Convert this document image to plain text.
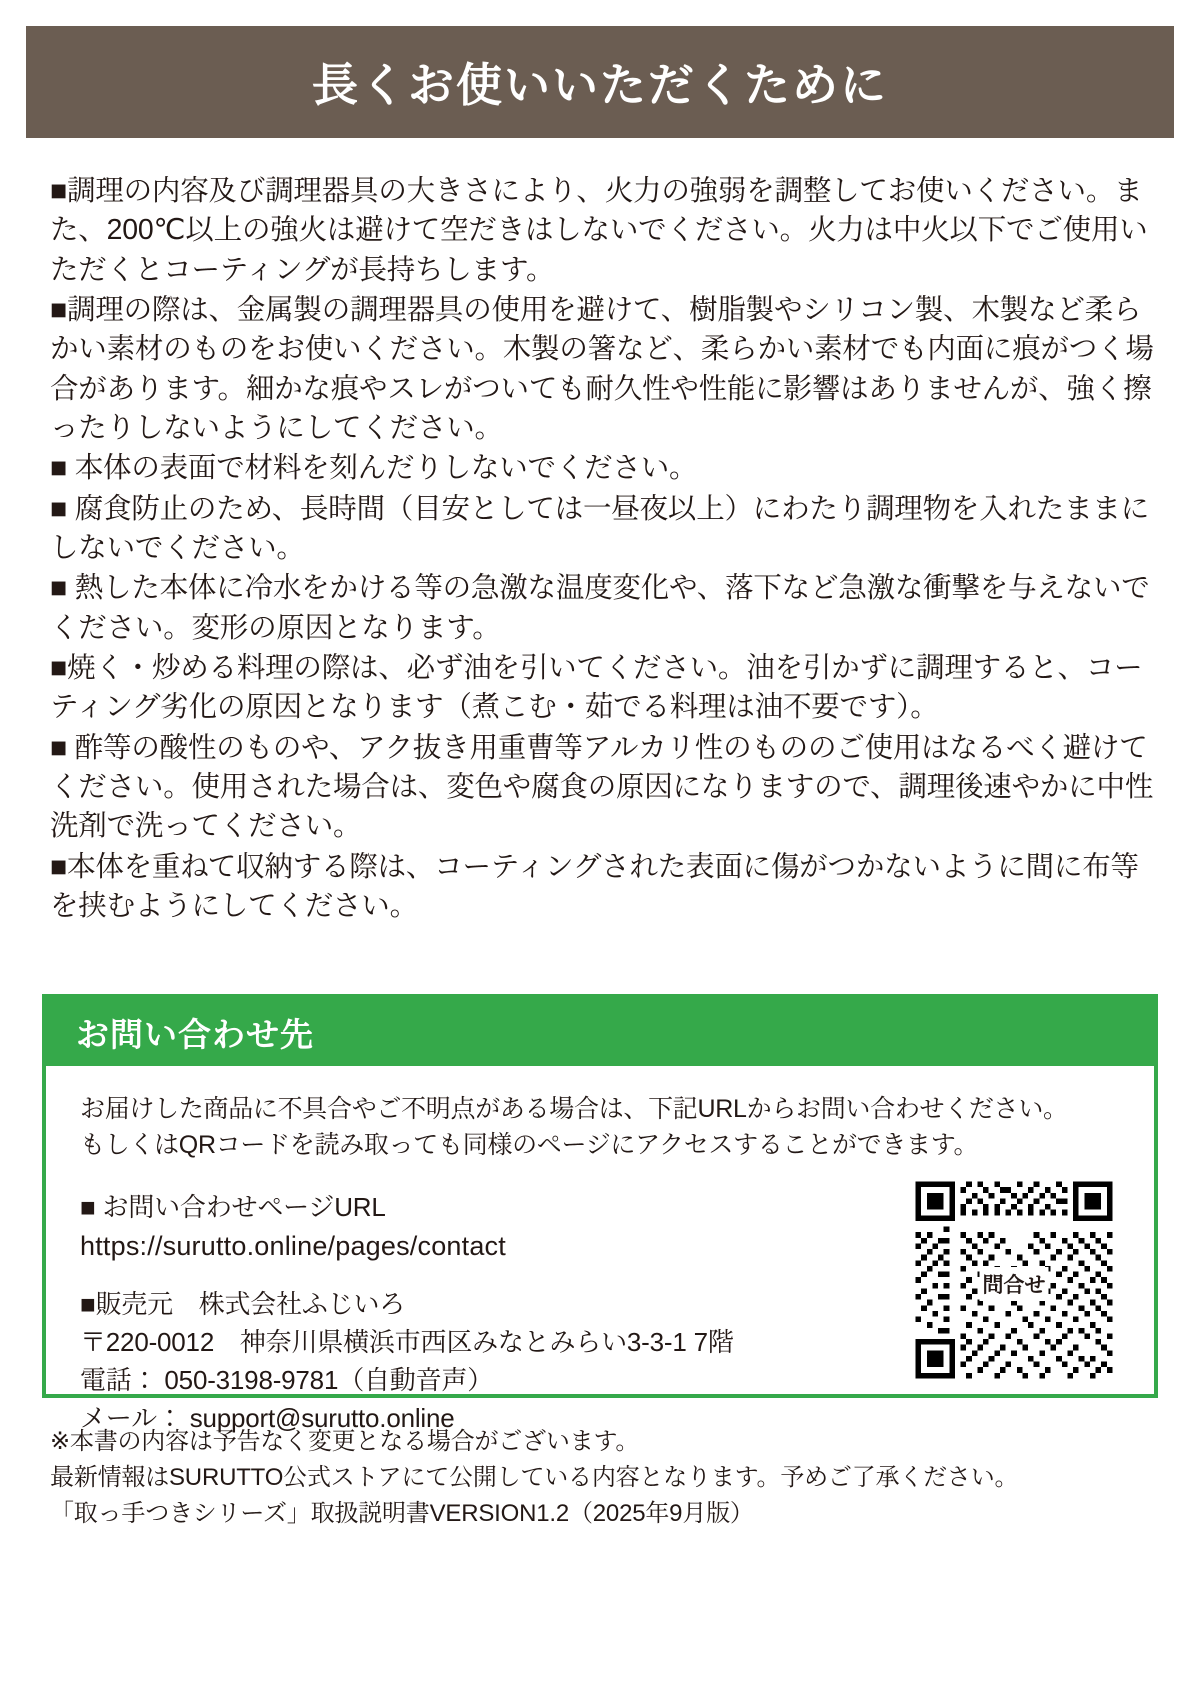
長くお使いいただくために

■調理の内容及び調理器具の大きさにより、火力の強弱を調整してお使いください。また、200℃以上の強火は避けて空だきはしないでください。火力は中火以下でご使用いただくとコーティングが長持ちします。

■調理の際は、金属製の調理器具の使用を避けて、樹脂製やシリコン製、木製など柔らかい素材のものをお使いください。木製の箸など、柔らかい素材でも内面に痕がつく場合があります。細かな痕やスレがついても耐久性や性能に影響はありませんが、強く擦ったりしないようにしてください。

■ 本体の表面で材料を刻んだりしないでください。

■ 腐食防止のため、長時間（目安としては一昼夜以上）にわたり調理物を入れたままにしないでください。

■ 熱した本体に冷水をかける等の急激な温度変化や、落下など急激な衝撃を与えないでください。変形の原因となります。

■焼く・炒める料理の際は、必ず油を引いてください。油を引かずに調理すると、コーティング劣化の原因となります（煮こむ・茹でる料理は油不要です）。

■ 酢等の酸性のものや、アク抜き用重曹等アルカリ性のもののご使用はなるべく避けてください。使用された場合は、変色や腐食の原因になりますので、調理後速やかに中性洗剤で洗ってください。

■本体を重ねて収納する際は、コーティングされた表面に傷がつかないように間に布等を挟むようにしてください。

お問い合わせ先

お届けした商品に不具合やご不明点がある場合は、下記URLからお問い合わせください。

もしくはQRコードを読み取っても同様のページにアクセスすることができます。

■ お問い合わせページURL

https://surutto.online/pages/contact

■販売元　株式会社ふじいろ

〒220-0012　神奈川県横浜市西区みなとみらい3-3-1 7階

電話： 050-3198-9781（自動音声）

メール： support@surutto.online

問合せ

※本書の内容は予告なく変更となる場合がございます。

最新情報はSURUTTO公式ストアにて公開している内容となります。予めご了承ください。

「取っ手つきシリーズ」取扱説明書VERSION1.2（2025年9月版）
